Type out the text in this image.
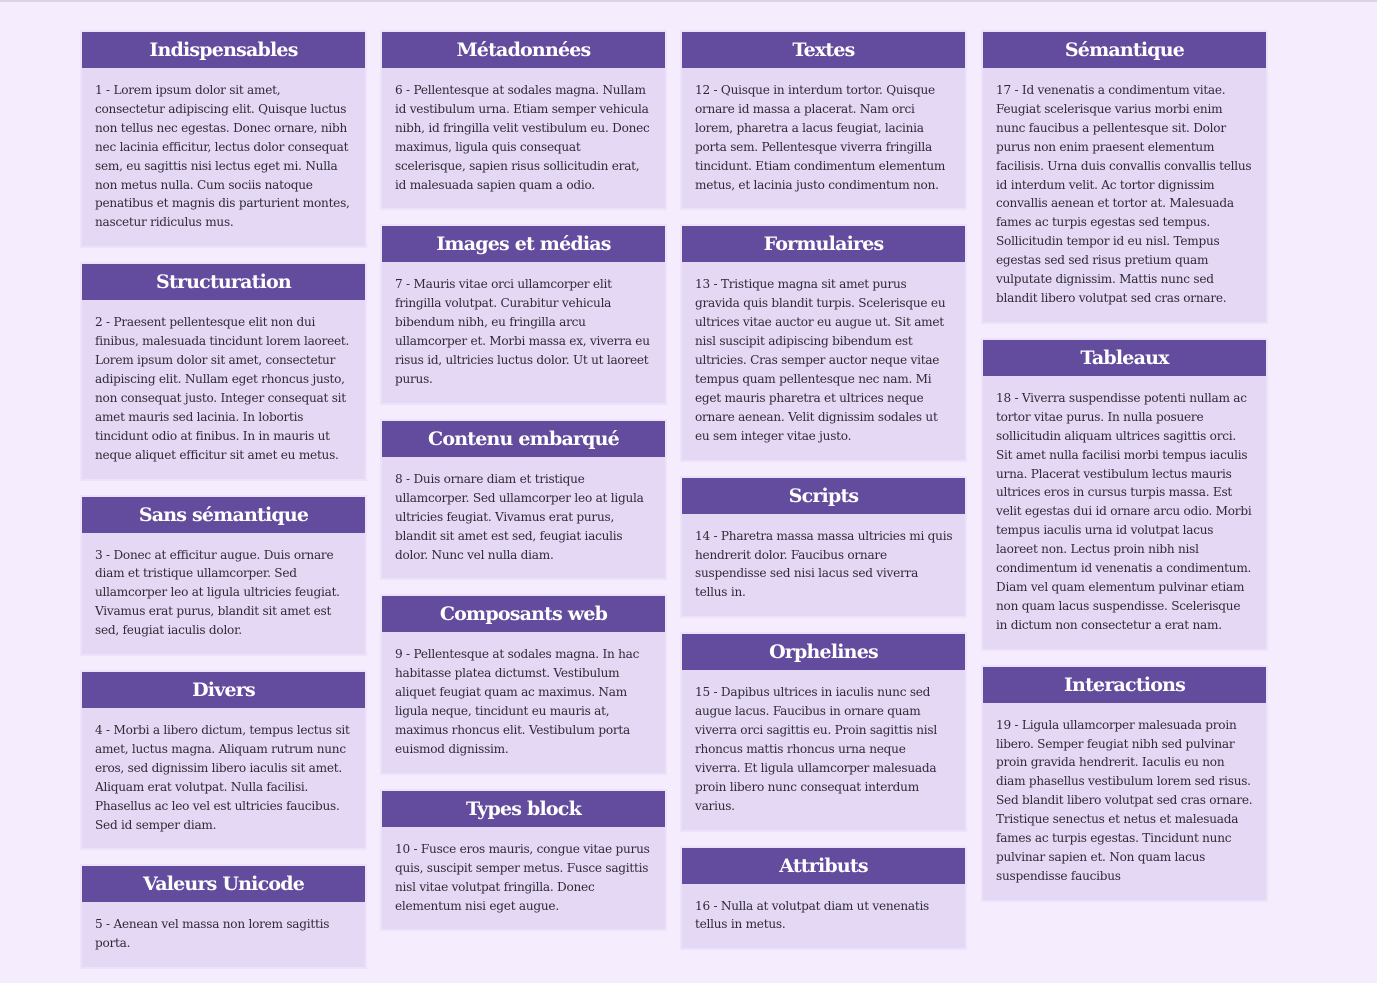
Indispensables

1 - Lorem ipsum dolor sit amet, consectetur adipiscing elit. Quisque luctus non tellus nec egestas. Donec ornare, nibh nec lacinia efficitur, lectus dolor consequat sem, eu sagittis nisi lectus eget mi. Nulla non metus nulla. Cum sociis natoque penatibus et magnis dis parturient montes, nascetur ridiculus mus.

Structuration

2 - Praesent pellentesque elit non dui finibus, malesuada tincidunt lorem laoreet. Lorem ipsum dolor sit amet, consectetur adipiscing elit. Nullam eget rhoncus justo, non consequat justo. Integer consequat sit amet mauris sed lacinia. In lobortis tincidunt odio at finibus. In in mauris ut neque aliquet efficitur sit amet eu metus.

Sans sémantique

3 - Donec at efficitur augue. Duis ornare diam et tristique ullamcorper. Sed ullamcorper leo at ligula ultricies feugiat. Vivamus erat purus, blandit sit amet est sed, feugiat iaculis dolor.

Divers

4 - Morbi a libero dictum, tempus lectus sit amet, luctus magna. Aliquam rutrum nunc eros, sed dignissim libero iaculis sit amet. Aliquam erat volutpat. Nulla facilisi. Phasellus ac leo vel est ultricies faucibus. Sed id semper diam.

Valeurs Unicode

5 - Aenean vel massa non lorem sagittis porta.

Métadonnées

6 - Pellentesque at sodales magna. Nullam id vestibulum urna. Etiam semper vehicula nibh, id fringilla velit vestibulum eu. Donec maximus, ligula quis consequat scelerisque, sapien risus sollicitudin erat, id malesuada sapien quam a odio.

Images et médias

7 - Mauris vitae orci ullamcorper elit fringilla volutpat. Curabitur vehicula bibendum nibh, eu fringilla arcu ullamcorper et. Morbi massa ex, viverra eu risus id, ultricies luctus dolor. Ut ut laoreet purus.

Contenu embarqué

8 - Duis ornare diam et tristique ullamcorper. Sed ullamcorper leo at ligula ultricies feugiat. Vivamus erat purus, blandit sit amet est sed, feugiat iaculis dolor. Nunc vel nulla diam.

Composants web

9 - Pellentesque at sodales magna. In hac habitasse platea dictumst. Vestibulum aliquet feugiat quam ac maximus. Nam ligula neque, tincidunt eu mauris at, maximus rhoncus elit. Vestibulum porta euismod dignissim.

Types block

10 - Fusce eros mauris, congue vitae purus quis, suscipit semper metus. Fusce sagittis nisl vitae volutpat fringilla. Donec elementum nisi eget augue.

Textes

12 - Quisque in interdum tortor. Quisque ornare id massa a placerat. Nam orci lorem, pharetra a lacus feugiat, lacinia porta sem. Pellentesque viverra fringilla tincidunt. Etiam condimentum elementum metus, et lacinia justo condimentum non.

Formulaires

13 - Tristique magna sit amet purus gravida quis blandit turpis. Scelerisque eu ultrices vitae auctor eu augue ut. Sit amet nisl suscipit adipiscing bibendum est ultricies. Cras semper auctor neque vitae tempus quam pellentesque nec nam. Mi eget mauris pharetra et ultrices neque ornare aenean. Velit dignissim sodales ut eu sem integer vitae justo.

Scripts

14 - Pharetra massa massa ultricies mi quis hendrerit dolor. Faucibus ornare suspendisse sed nisi lacus sed viverra tellus in.

Orphelines

15 - Dapibus ultrices in iaculis nunc sed augue lacus. Faucibus in ornare quam viverra orci sagittis eu. Proin sagittis nisl rhoncus mattis rhoncus urna neque viverra. Et ligula ullamcorper malesuada proin libero nunc consequat interdum varius.

Attributs

16 - Nulla at volutpat diam ut venenatis tellus in metus.

Sémantique

17 - Id venenatis a condimentum vitae. Feugiat scelerisque varius morbi enim nunc faucibus a pellentesque sit. Dolor purus non enim praesent elementum facilisis. Urna duis convallis convallis tellus id interdum velit. Ac tortor dignissim convallis aenean et tortor at. Malesuada fames ac turpis egestas sed tempus. Sollicitudin tempor id eu nisl. Tempus egestas sed sed risus pretium quam vulputate dignissim. Mattis nunc sed blandit libero volutpat sed cras ornare.

Tableaux

18 - Viverra suspendisse potenti nullam ac tortor vitae purus. In nulla posuere sollicitudin aliquam ultrices sagittis orci. Sit amet nulla facilisi morbi tempus iaculis urna. Placerat vestibulum lectus mauris ultrices eros in cursus turpis massa. Est velit egestas dui id ornare arcu odio. Morbi tempus iaculis urna id volutpat lacus laoreet non. Lectus proin nibh nisl condimentum id venenatis a condimentum. Diam vel quam elementum pulvinar etiam non quam lacus suspendisse. Scelerisque in dictum non consectetur a erat nam.

Interactions

19 - Ligula ullamcorper malesuada proin libero. Semper feugiat nibh sed pulvinar proin gravida hendrerit. Iaculis eu non diam phasellus vestibulum lorem sed risus. Sed blandit libero volutpat sed cras ornare. Tristique senectus et netus et malesuada fames ac turpis egestas. Tincidunt nunc pulvinar sapien et. Non quam lacus suspendisse faucibus
